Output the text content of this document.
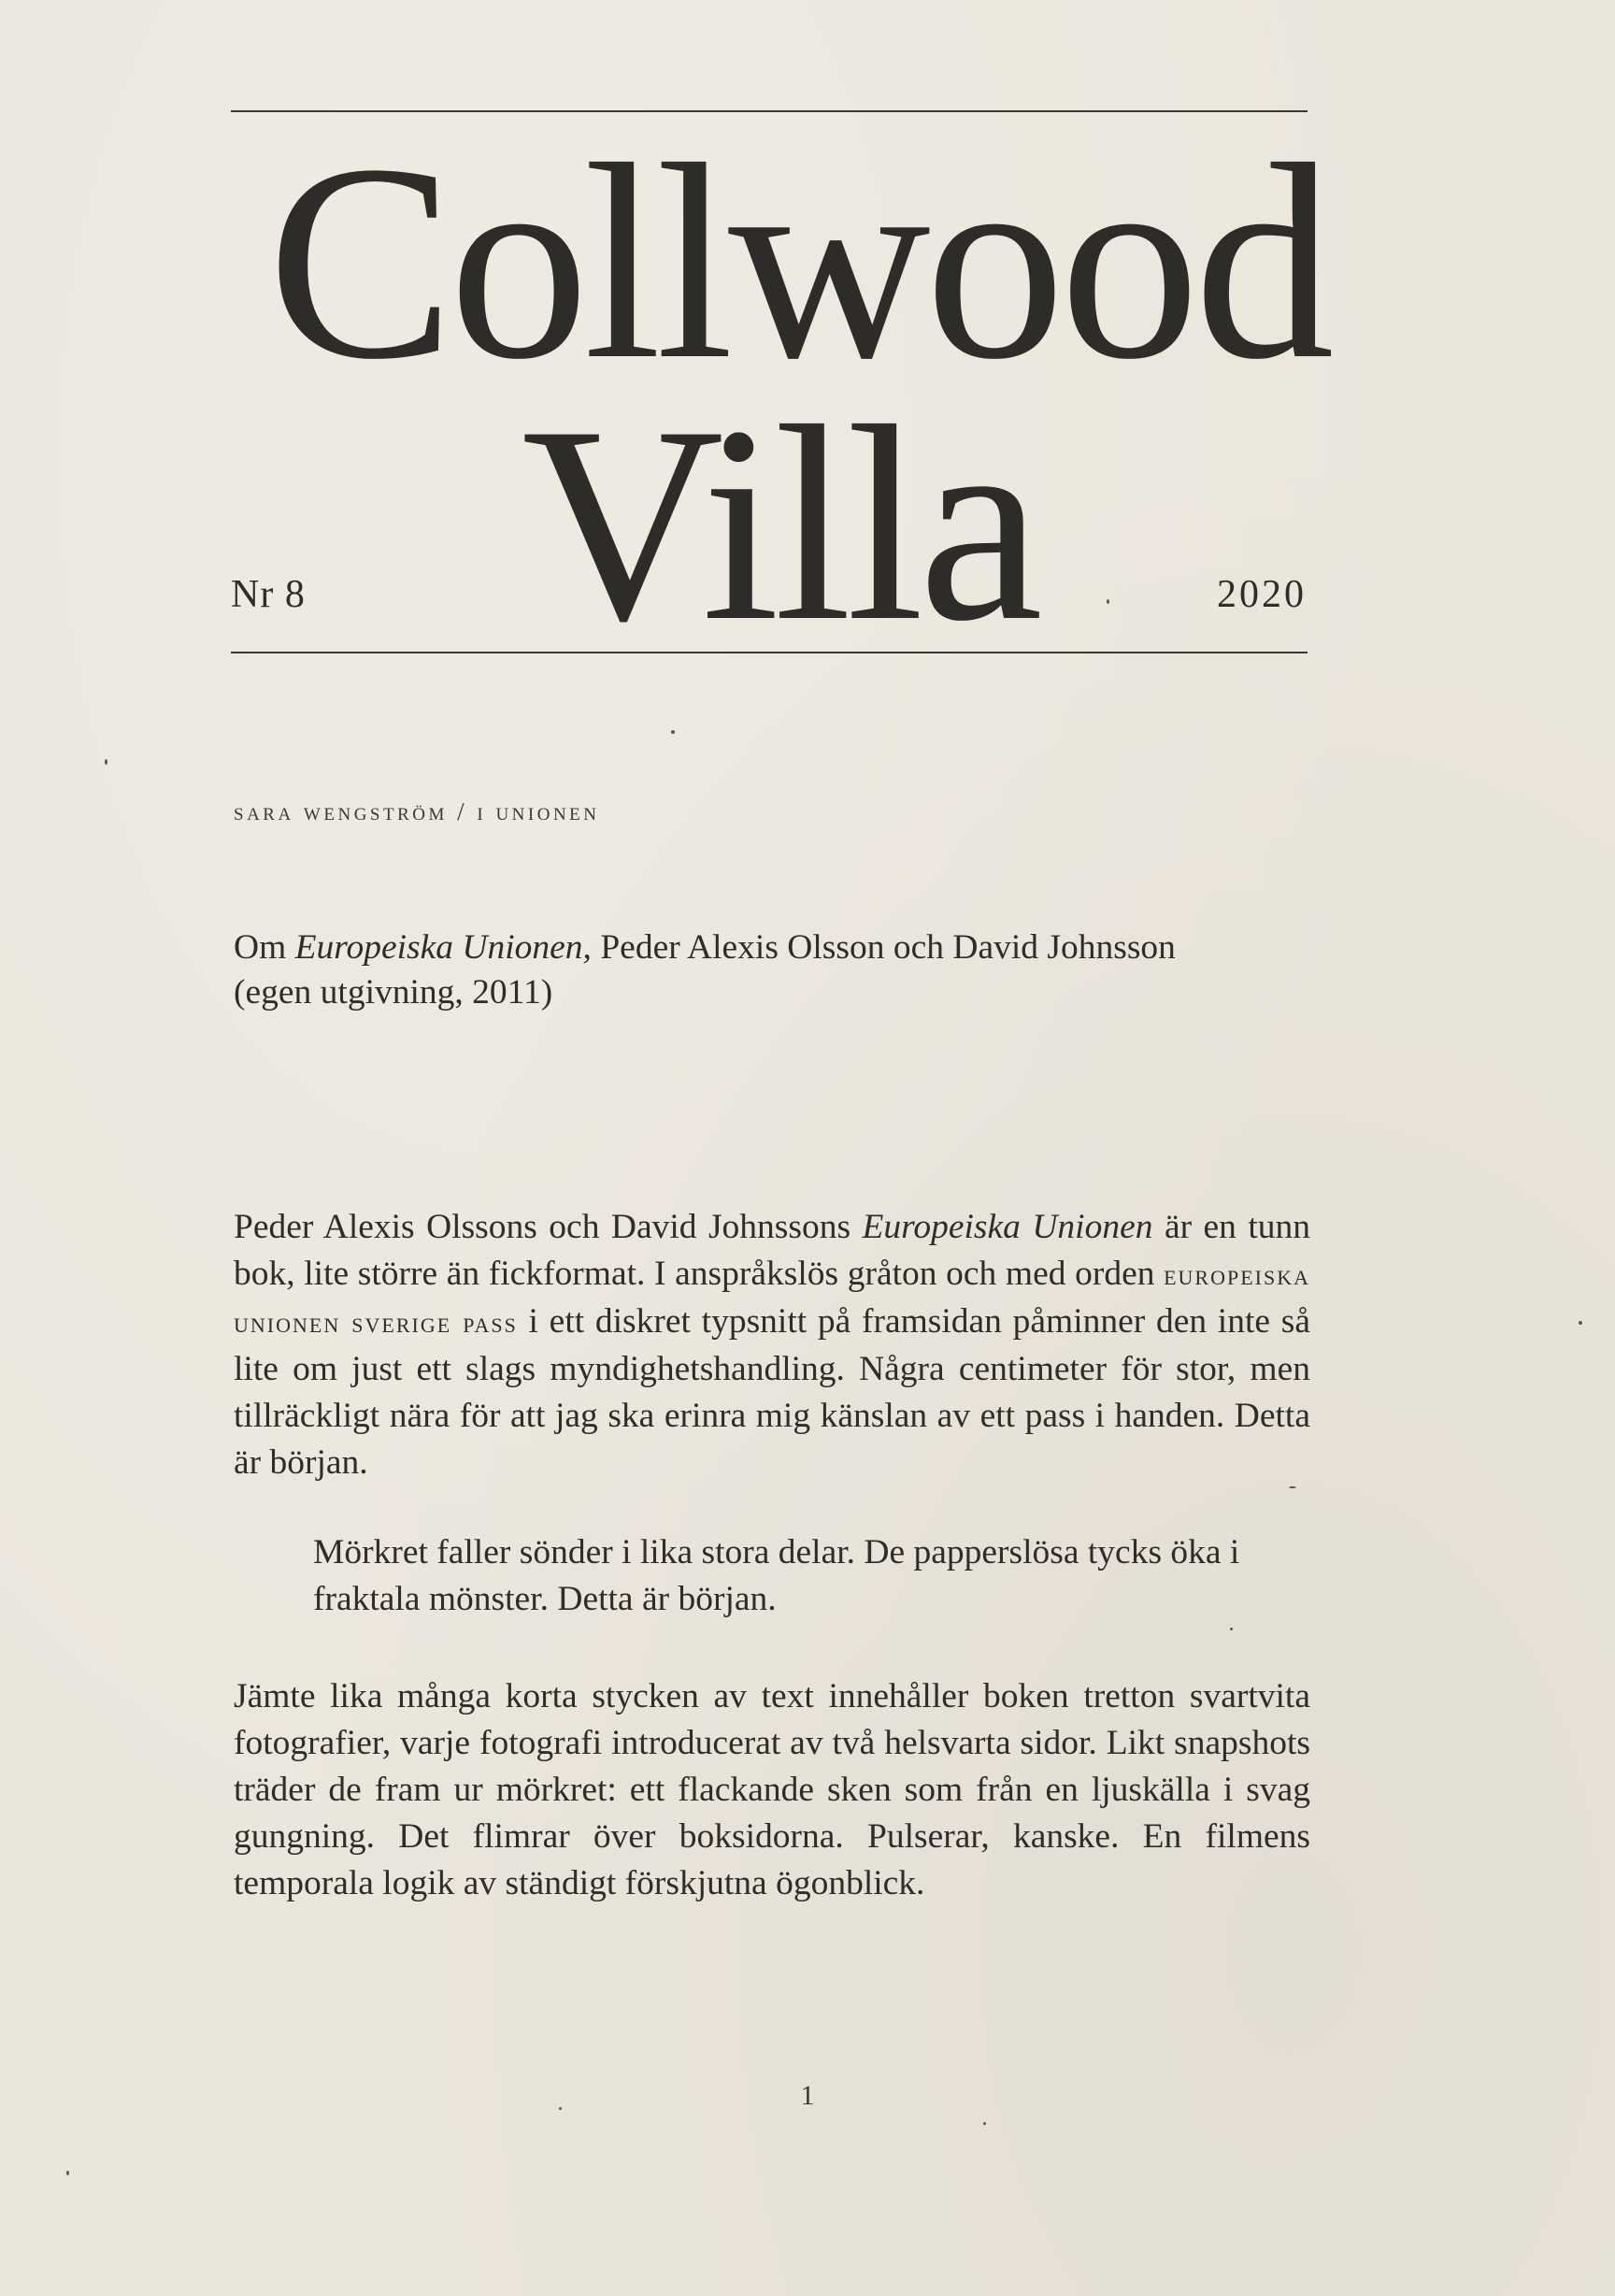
Collwood
Villa
Nr 8	2020
sara wengström / i unionen

Om Europeiska Unionen, Peder Alexis Olsson och David Johnsson

(egen utgivning, 2011)

Peder Alexis Olssons och David Johnssons Europeiska Unionen är en tunn bok, lite större än fickformat. I anspråkslös gråton och med orden europeiska unionen sverige pass i ett diskret typsnitt på framsidan påminner den inte så lite om just ett slags myndighetshandling. Några centimeter för stor, men tillräckligt nära för att jag ska erinra mig känslan av ett pass i handen. Detta är början.

Mörkret faller sönder i lika stora delar. De papperslösa tycks öka i fraktala mönster. Detta är början.

Jämte lika många korta stycken av text innehåller boken tretton svartvita fotografier, varje fotografi introducerat av två helsvarta sidor. Likt snapshots träder de fram ur mörkret: ett flackande sken som från en ljuskälla i svag gungning. Det flimrar över boksidorna. Pulserar, kanske. En filmens temporala logik av ständigt förskjutna ögonblick.

1
